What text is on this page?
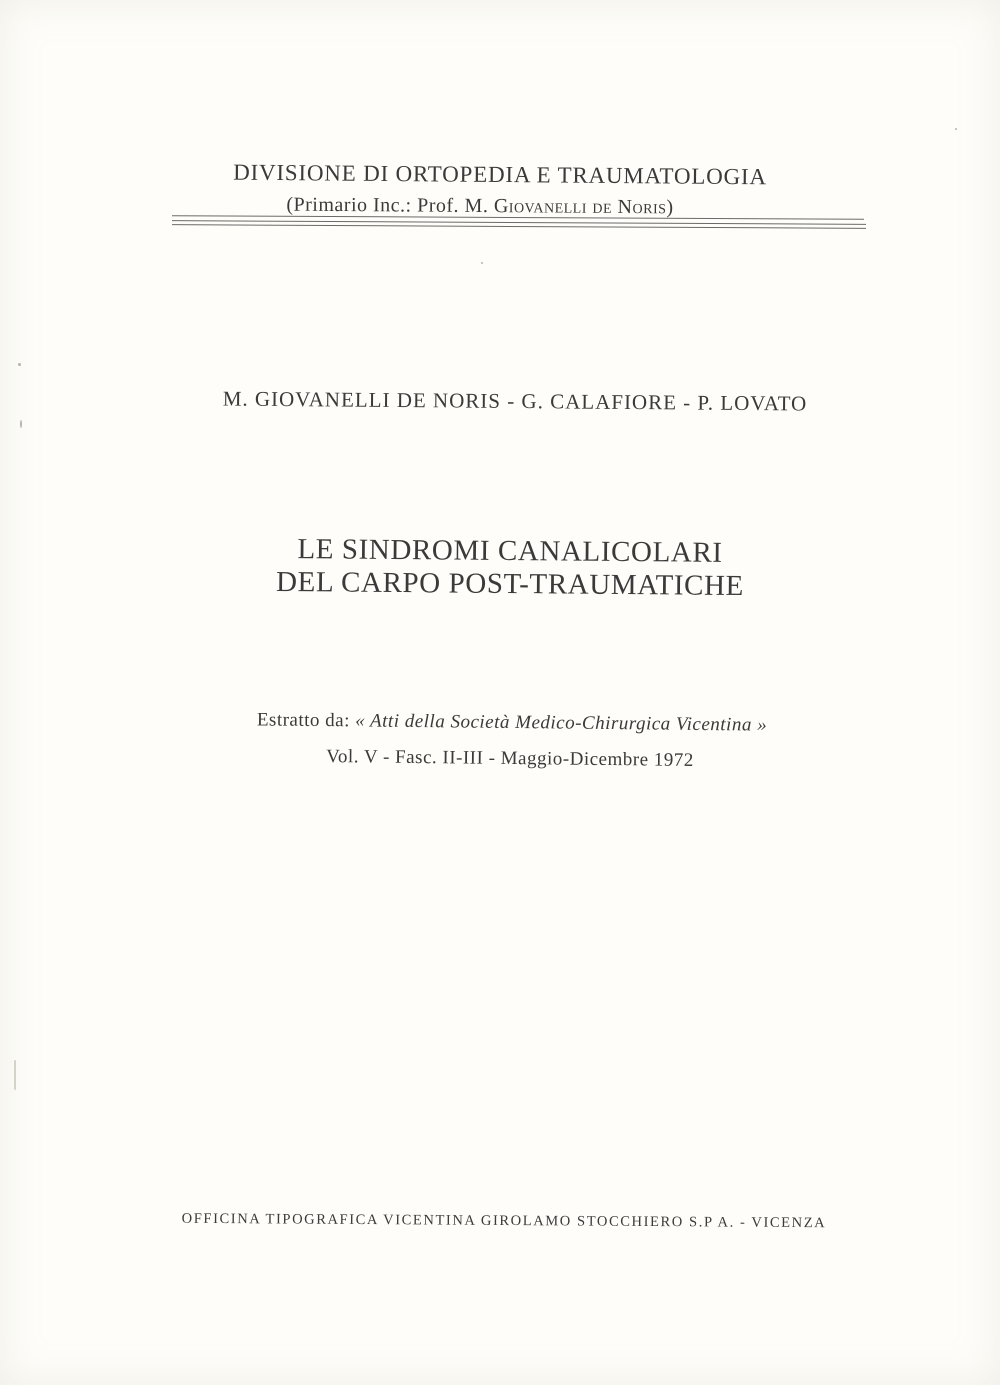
DIVISIONE DI ORTOPEDIA E TRAUMATOLOGIA
(Primario Inc.: Prof. M. Giovanelli de Noris)
M. GIOVANELLI DE NORIS - G. CALAFIORE - P. LOVATO
LE SINDROMI CANALICOLARI
DEL CARPO POST-TRAUMATICHE
Estratto da: « Atti della Società Medico-Chirurgica Vicentina »
Vol. V - Fasc. II-III - Maggio-Dicembre 1972
OFFICINA TIPOGRAFICA VICENTINA GIROLAMO STOCCHIERO S.P A. - VICENZA
